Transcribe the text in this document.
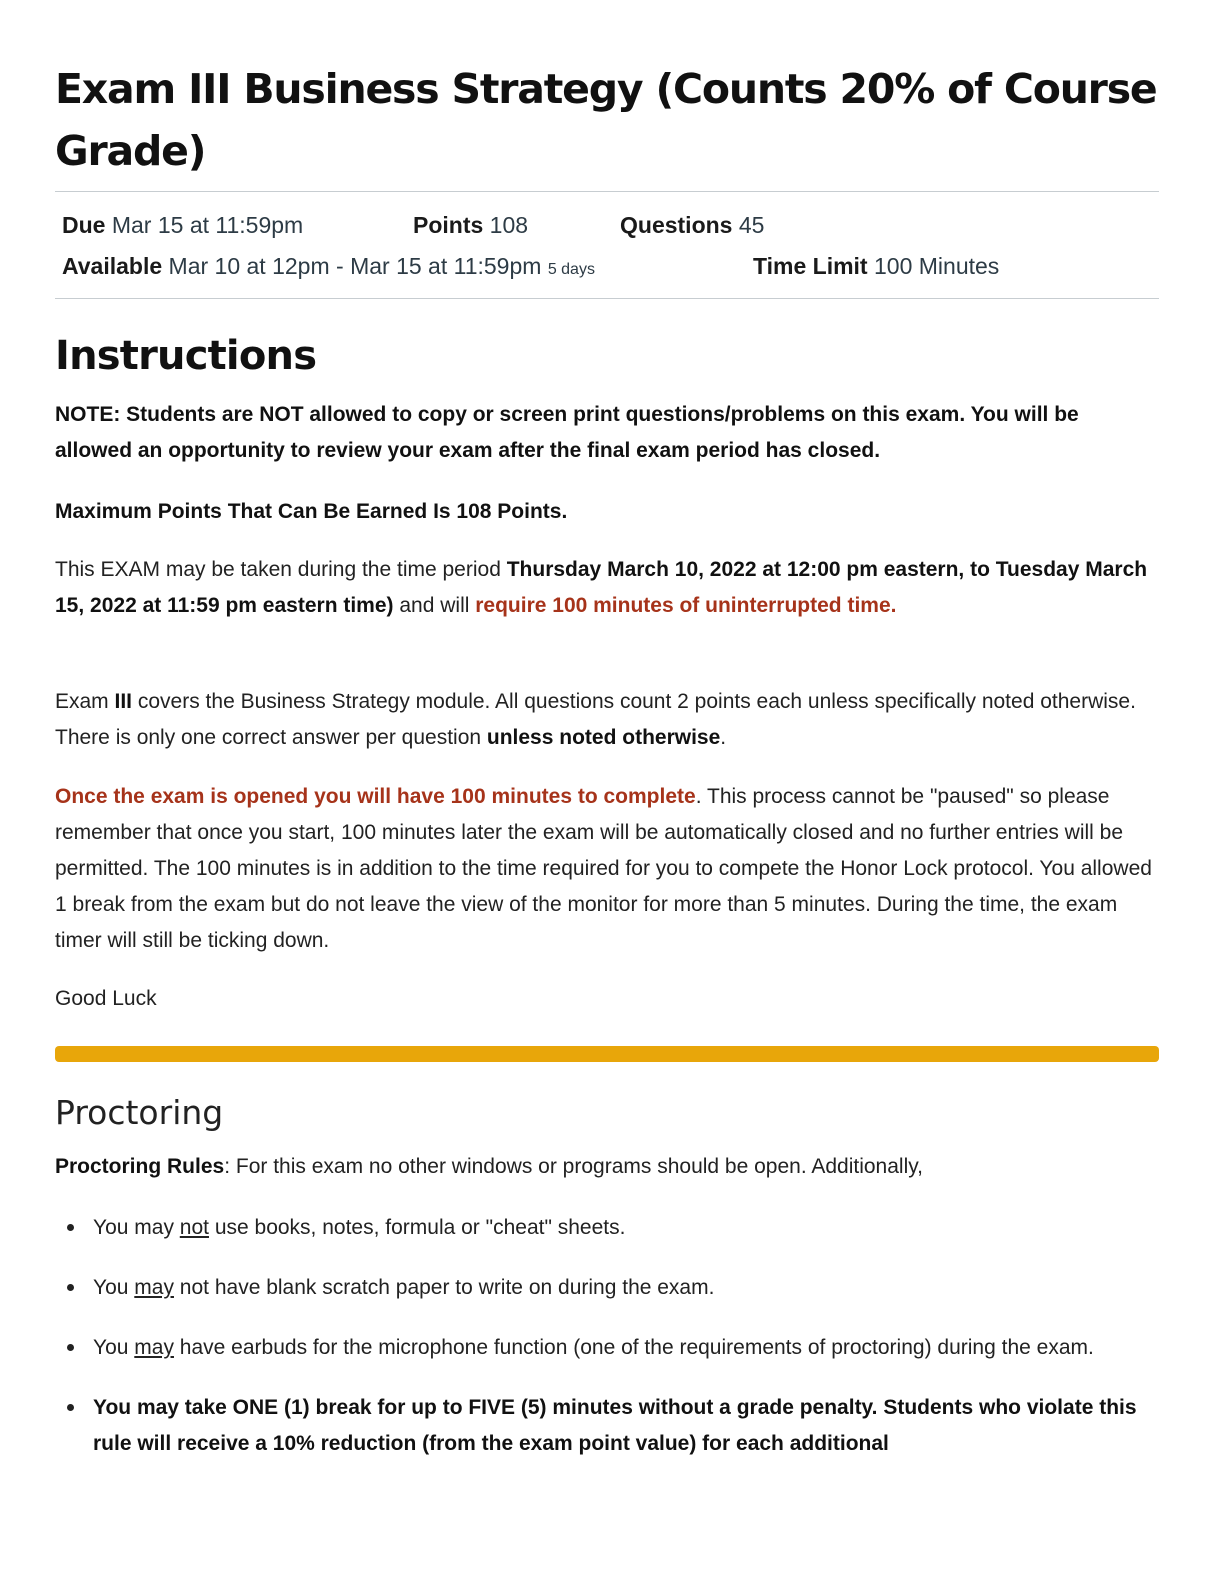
Exam III Business Strategy (Counts 20% of Course Grade)
Due Mar 15 at 11:59pm	Points 108	Questions 45
Available Mar 10 at 12pm - Mar 15 at 11:59pm 5 days	Time Limit 100 Minutes
Instructions

NOTE: Students are NOT allowed to copy or screen print questions/problems on this exam. You will be allowed an opportunity to review your exam after the final exam period has closed.

Maximum Points That Can Be Earned Is 108 Points.

This EXAM may be taken during the time period Thursday March 10, 2022 at 12:00 pm eastern, to Tuesday March 15, 2022 at 11:59 pm eastern time) and will require 100 minutes of uninterrupted time.

Exam III covers the Business Strategy module. All questions count 2 points each unless specifically noted otherwise. There is only one correct answer per question unless noted otherwise.

Once the exam is opened you will have 100 minutes to complete. This process cannot be "paused" so please remember that once you start, 100 minutes later the exam will be automatically closed and no further entries will be permitted. The 100 minutes is in addition to the time required for you to compete the Honor Lock protocol. You allowed 1 break from the exam but do not leave the view of the monitor for more than 5 minutes. During the time, the exam timer will still be ticking down.

Good Luck

Proctoring

Proctoring Rules: For this exam no other windows or programs should be open. Additionally,

You may not use books, notes, formula or "cheat" sheets.
You may not have blank scratch paper to write on during the exam.
You may have earbuds for the microphone function (one of the requirements of proctoring) during the exam.
You may take ONE (1) break for up to FIVE (5) minutes without a grade penalty. Students who violate this rule will receive a 10% reduction (from the exam point value) for each additional
